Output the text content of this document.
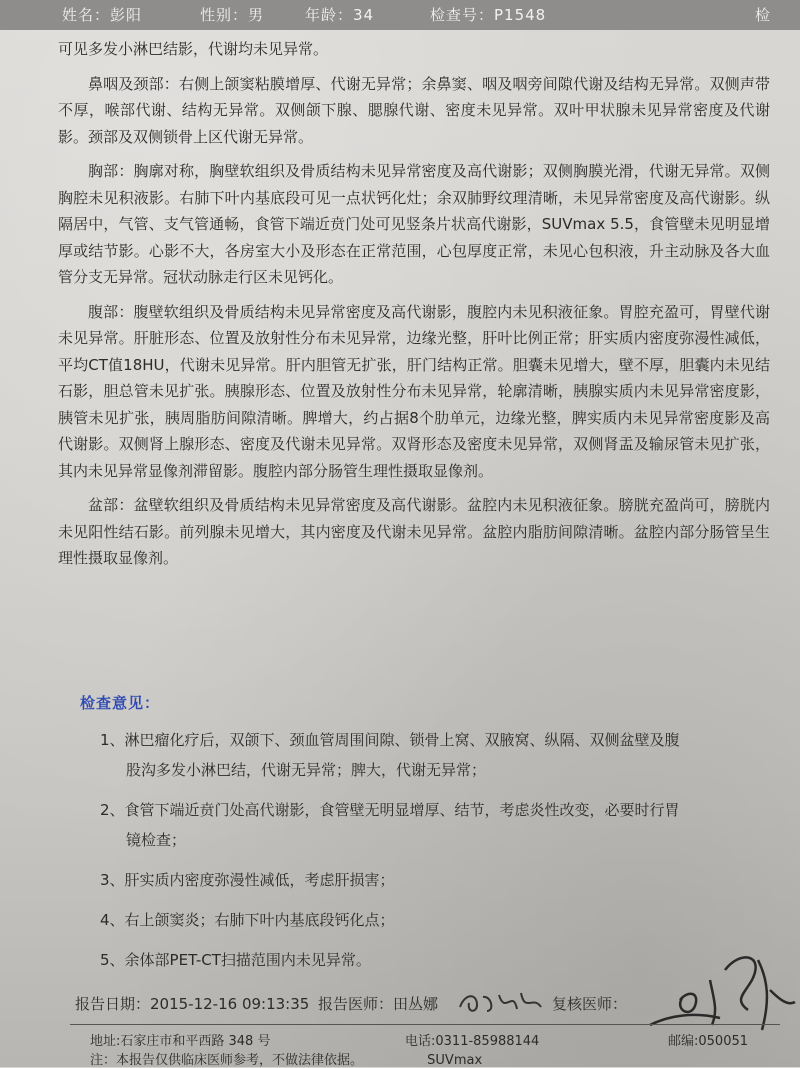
姓名：彭阳	性别：男	年龄：34	检查号：P1548	检

可见多发小淋巴结影，代谢均未见异常。

鼻咽及颈部：右侧上颌窦粘膜增厚、代谢无异常；余鼻窦、咽及咽旁间隙代谢及结构无异常。双侧声带不厚，喉部代谢、结构无异常。双侧颌下腺、腮腺代谢、密度未见异常。双叶甲状腺未见异常密度及代谢影。颈部及双侧锁骨上区代谢无异常。

胸部：胸廓对称，胸壁软组织及骨质结构未见异常密度及高代谢影；双侧胸膜光滑，代谢无异常。双侧胸腔未见积液影。右肺下叶内基底段可见一点状钙化灶；余双肺野纹理清晰，未见异常密度及高代谢影。纵隔居中，气管、支气管通畅，食管下端近贲门处可见竖条片状高代谢影，SUVmax 5.5，食管壁未见明显增厚或结节影。心影不大，各房室大小及形态在正常范围，心包厚度正常，未见心包积液，升主动脉及各大血管分支无异常。冠状动脉走行区未见钙化。

腹部：腹壁软组织及骨质结构未见异常密度及高代谢影，腹腔内未见积液征象。胃腔充盈可，胃壁代谢未见异常。肝脏形态、位置及放射性分布未见异常，边缘光整，肝叶比例正常；肝实质内密度弥漫性减低，平均CT值18HU，代谢未见异常。肝内胆管无扩张，肝门结构正常。胆囊未见增大，壁不厚，胆囊内未见结石影，胆总管未见扩张。胰腺形态、位置及放射性分布未见异常，轮廓清晰，胰腺实质内未见异常密度影，胰管未见扩张，胰周脂肪间隙清晰。脾增大，约占据8个肋单元，边缘光整，脾实质内未见异常密度影及高代谢影。双侧肾上腺形态、密度及代谢未见异常。双肾形态及密度未见异常，双侧肾盂及输尿管未见扩张，其内未见异常显像剂滞留影。腹腔内部分肠管生理性摄取显像剂。

盆部：盆壁软组织及骨质结构未见异常密度及高代谢影。盆腔内未见积液征象。膀胱充盈尚可，膀胱内未见阳性结石影。前列腺未见增大，其内密度及代谢未见异常。盆腔内脂肪间隙清晰。盆腔内部分肠管呈生理性摄取显像剂。

检查意见：
1、淋巴瘤化疗后，双颌下、颈血管周围间隙、锁骨上窝、双腋窝、纵隔、双侧盆壁及腹
股沟多发小淋巴结，代谢无异常；脾大，代谢无异常；
2、食管下端近贲门处高代谢影，食管壁无明显增厚、结节，考虑炎性改变，必要时行胃
镜检查；
3、肝实质内密度弥漫性减低，考虑肝损害；
4、右上颌窦炎；右肺下叶内基底段钙化点；
5、余体部PET-CT扫描范围内未见异常。
报告日期：2015-12-16 09:13:35 报告医师：田丛娜	复核医师：
地址:石家庄市和平西路 348 号	电话:0311-85988144	邮编:050051
注：本报告仅供临床医师参考，不做法律依据。	SUVmax
